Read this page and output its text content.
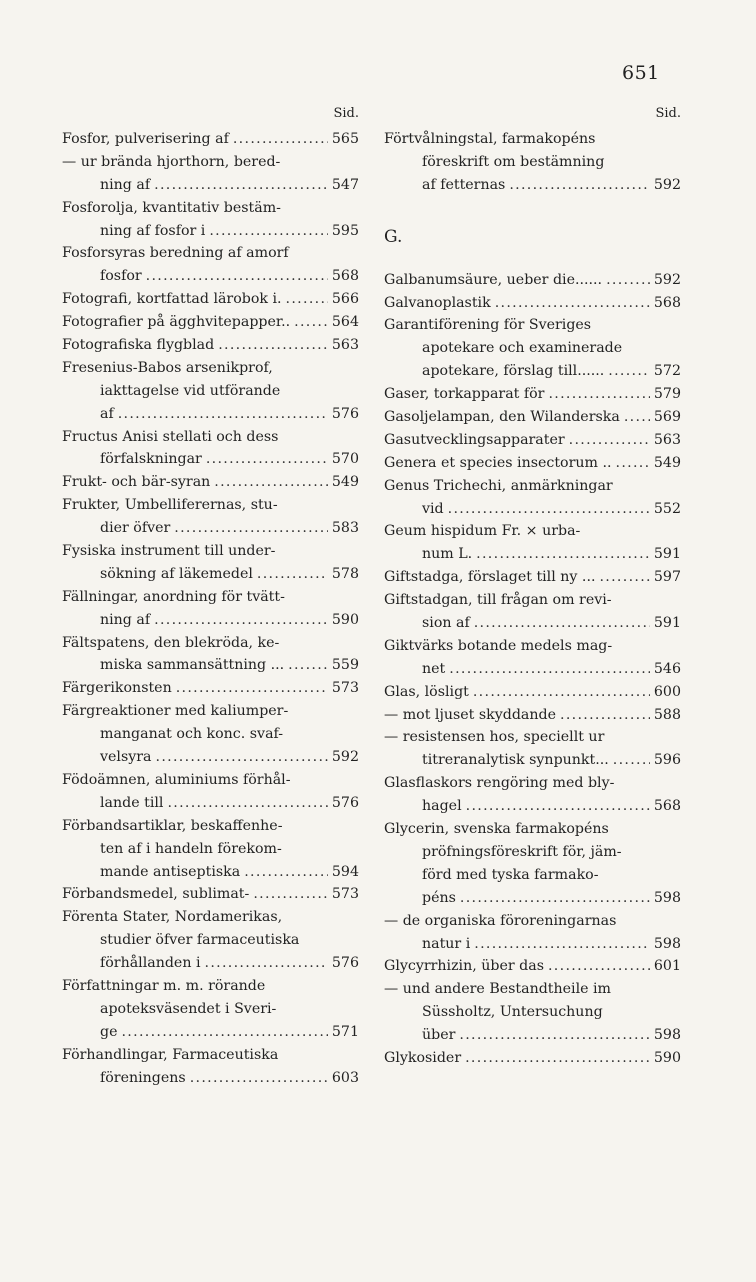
651
Sid.
Fosfor, pulverisering af . . .	565
— ur brända hjorthorn, bered-
ning af . . .	547
Fosforolja, kvantitativ bestäm-
ning af fosfor i . . .	595
Fosforsyras beredning af amorf
fosfor . . .	568
Fotografi, kortfattad lärobok i. . . .	566
Fotografier på ägghvitepapper.. . . .	564
Fotografiska flygblad . . .	563
Fresenius-Babos arsenikprof,
iakttagelse vid utförande
af . . .	576
Fructus Anisi stellati och dess
förfalskningar . . .	570
Frukt- och bär-syran . . .	549
Frukter, Umbelliferernas, stu-
dier öfver . . .	583
Fysiska instrument till under-
sökning af läkemedel . . .	578
Fällningar, anordning för tvätt-
ning af . . .	590
Fältspatens, den blekröda, ke-
miska sammansättning ... . . .	559
Färgerikonsten . . .	573
Färgreaktioner med kaliumper-
manganat och konc. svaf-
velsyra . . .	592
Födoämnen, aluminiums förhål-
lande till . . .	576
Förbandsartiklar, beskaffenhe-
ten af i handeln förekom-
mande antiseptiska . . .	594
Förbandsmedel, sublimat- . . .	573
Förenta Stater, Nordamerikas,
studier öfver farmaceutiska
förhållanden i . . .	576
Författningar m. m. rörande
apoteksväsendet i Sveri-
ge . . .	571
Förhandlingar, Farmaceutiska
föreningens . . .	603
Sid.
Förtvålningstal, farmakopéns
föreskrift om bestämning
af fetternas . . .	592
G.
Galbanumsäure, ueber die...... . . .	592
Galvanoplastik . . .	568
Garantiförening för Sveriges
apotekare och examinerade
apotekare, förslag till...... . . .	572
Gaser, torkapparat för . . .	579
Gasoljelampan, den Wilanderska . . . 569
Gasutvecklingsapparater . . .	563
Genera et species insectorum .. . . .	549
Genus Trichechi, anmärkningar
vid . . .	552
Geum hispidum Fr. × urba-
num L. . . .	591
Giftstadga, förslaget till ny ... . . .	597
Giftstadgan, till frågan om revi-
sion af . . .	591
Giktvärks botande medels mag-
net . . .	546
Glas, lösligt . . .	600
— mot ljuset skyddande . . .	588
— resistensen hos, speciellt ur
titreranalytisk synpunkt... . . .	596
Glasflaskors rengöring med bly-
hagel . . .	568
Glycerin, svenska farmakopéns
pröfningsföreskrift för, jäm-
förd med tyska farmako-
péns . . .	598
— de organiska föroreningarnas
natur i . . .	598
Glycyrrhizin, über das . . .	601
— und andere Bestandtheile im
Süssholtz, Untersuchung
über . . .	598
Glykosider . . .	590
